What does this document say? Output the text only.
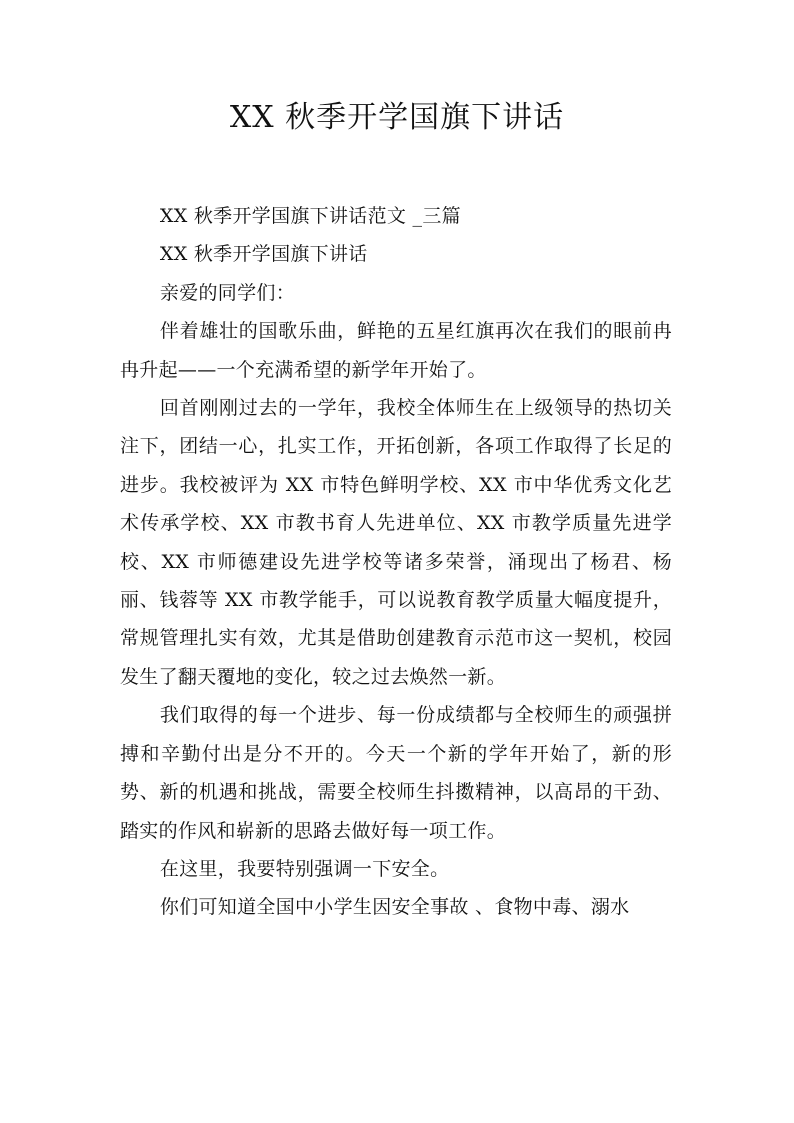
XX 秋季开学国旗下讲话

XX 秋季开学国旗下讲话范文 _三篇

XX 秋季开学国旗下讲话

亲爱的同学们：

伴着雄壮的国歌乐曲，鲜艳的五星红旗再次在我们的眼前冉冉升起——一个充满希望的新学年开始了。

回首刚刚过去的一学年，我校全体师生在上级领导的热切关注下，团结一心，扎实工作，开拓创新，各项工作取得了长足的进步。我校被评为 XX 市特色鲜明学校、XX 市中华优秀文化艺术传承学校、XX 市教书育人先进单位、XX 市教学质量先进学校、XX 市师德建设先进学校等诸多荣誉，涌现出了杨君、杨丽、钱蓉等 XX 市教学能手，可以说教育教学质量大幅度提升，常规管理扎实有效，尤其是借助创建教育示范市这一契机，校园发生了翻天覆地的变化，较之过去焕然一新。

我们取得的每一个进步、每一份成绩都与全校师生的顽强拼搏和辛勤付出是分不开的。今天一个新的学年开始了，新的形势、新的机遇和挑战，需要全校师生抖擞精神，以高昂的干劲、踏实的作风和崭新的思路去做好每一项工作。

在这里，我要特别强调一下安全。

你们可知道全国中小学生因安全事故 、食物中毒、溺水
